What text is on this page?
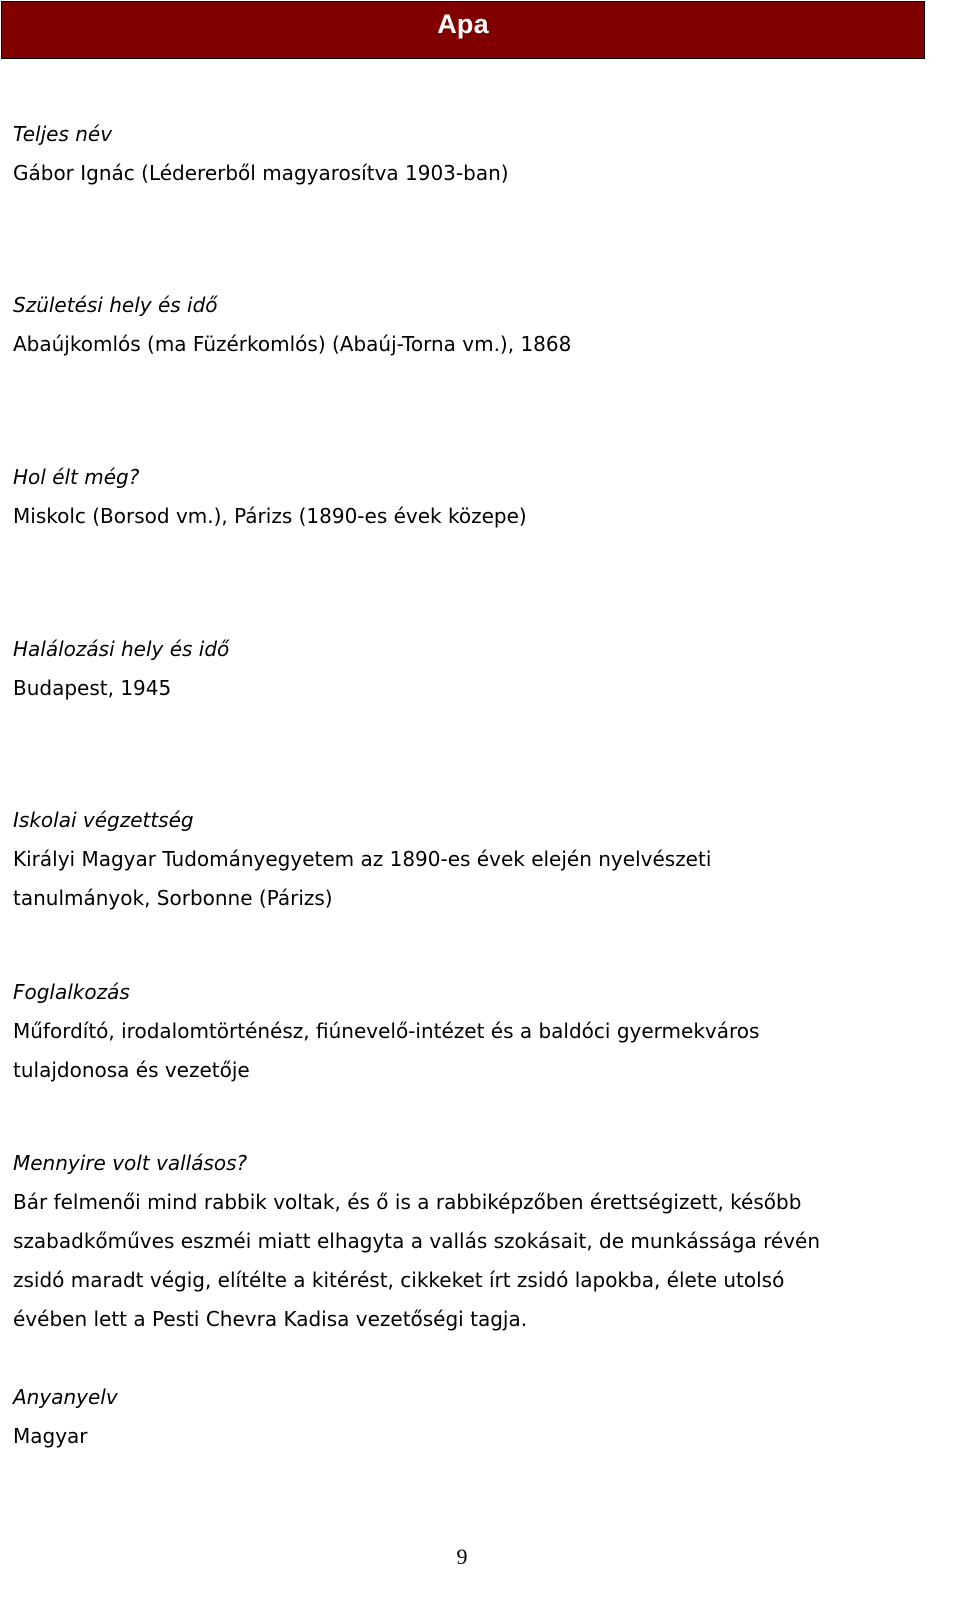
Apa
Teljes név
Gábor Ignác (Lédererből magyarosítva 1903-ban)
Születési hely és idő
Abaújkomlós (ma Füzérkomlós) (Abaúj-Torna vm.), 1868
Hol élt még?
Miskolc (Borsod vm.), Párizs (1890-es évek közepe)
Halálozási hely és idő
Budapest, 1945
Iskolai végzettség
Királyi Magyar Tudományegyetem az 1890-es évek elején nyelvészeti
tanulmányok, Sorbonne (Párizs)
Foglalkozás
Műfordító, irodalomtörténész, fiúnevelő-intézet és a baldóci gyermekváros
tulajdonosa és vezetője
Mennyire volt vallásos?
Bár felmenői mind rabbik voltak, és ő is a rabbiképzőben érettségizett, később
szabadkőműves eszméi miatt elhagyta a vallás szokásait, de munkássága révén
zsidó maradt végig, elítélte a kitérést, cikkeket írt zsidó lapokba, élete utolsó
évében lett a Pesti Chevra Kadisa vezetőségi tagja.
Anyanyelv
Magyar
9
